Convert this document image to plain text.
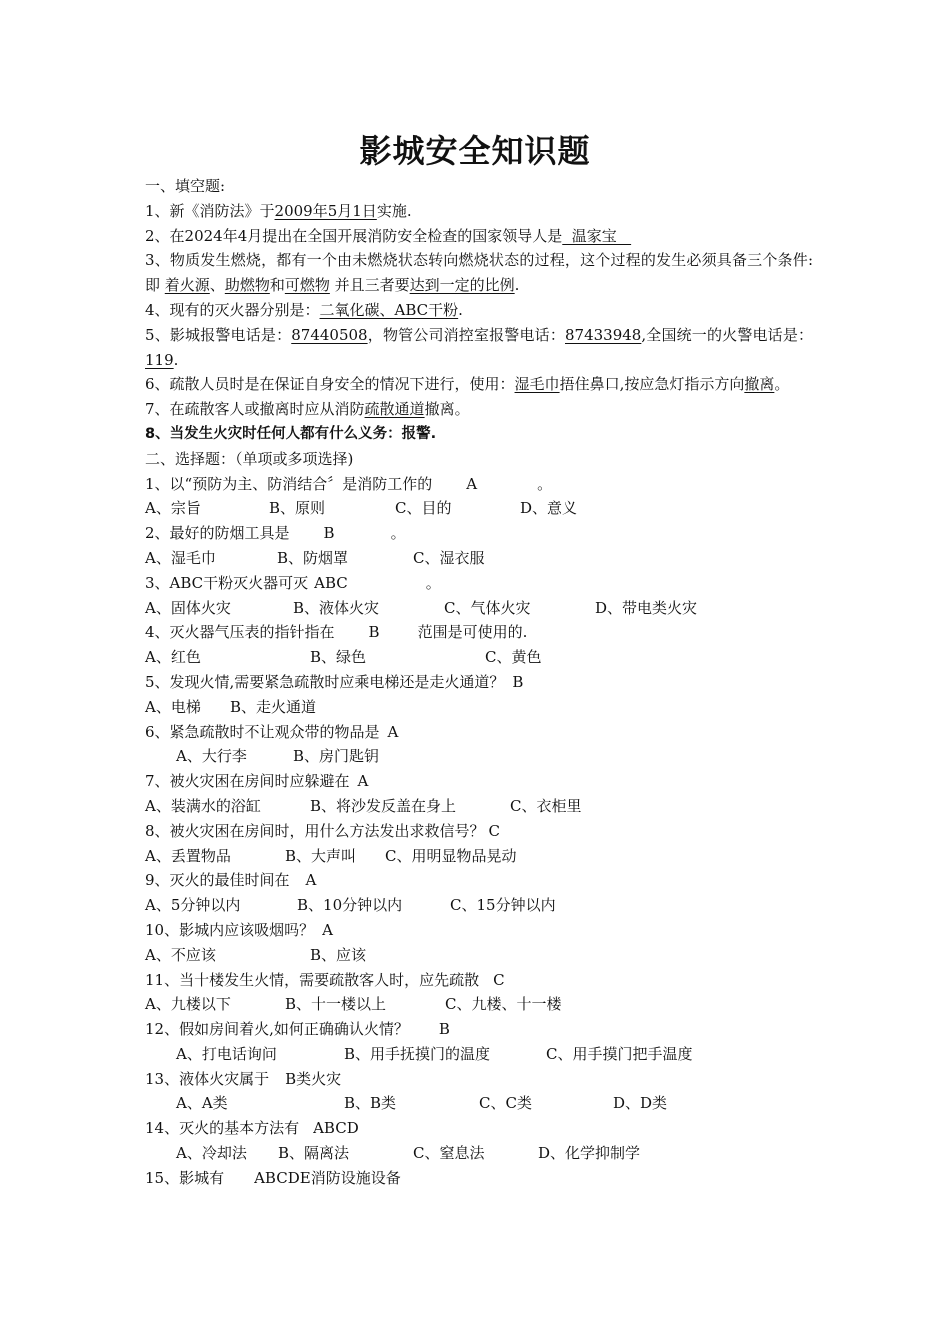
影城安全知识题
一、填空题:
1、新《消防法》于2009年5月1日实施.
2、在2024年4月提出在全国开展消防安全检查的国家领导人是  温家宝
3、物质发生燃烧，都有一个由未燃烧状态转向燃烧状态的过程，这个过程的发生必须具备三个条件:即 着火源、助燃物和可燃物 并且三者要达到一定的比例.
4、现有的灭火器分别是：二氧化碳、ABC干粉.
5、影城报警电话是：87440508，物管公司消控室报警电话：87433948,全国统一的火警电话是：119.
6、疏散人员时是在保证自身安全的情况下进行，使用：湿毛巾捂住鼻口,按应急灯指示方向撤离。
7、在疏散客人或撤离时应从消防疏散通道撤离。
8、当发生火灾时任何人都有什么义务：报警.
二、选择题：（单项或多项选择)
1、以“预防为主、防消结合〞是消防工作的 A	。
A、宗旨	B、原则	C、目的	D、意义
2、最好的防烟工具是 B	。
A、湿毛巾	B、防烟罩	C、湿衣服
3、ABC干粉灭火器可灭 ABC	。
A、固体火灾	B、液体火灾	C、气体火灾	D、带电类火灾
4、灭火器气压表的指针指在 B	范围是可使用的.
A、红色	B、绿色	C、黄色
5、发现火情,需要紧急疏散时应乘电梯还是走火通道？ B
A、电梯 B、走火通道
6、紧急疏散时不让观众带的物品是 A
A、大行李	B、房门匙钥
7、被火灾困在房间时应躲避在 A
A、装满水的浴缸	B、将沙发反盖在身上	C、衣柜里
8、被火灾困在房间时，用什么方法发出求救信号？ C
A、丢置物品	B、大声叫 C、用明显物品晃动
9、灭火的最佳时间在 A
A、5分钟以内	B、10分钟以内	C、15分钟以内
10、影城内应该吸烟吗？ A
A、不应该	B、应该
11、当十楼发生火情，需要疏散客人时，应先疏散 C
A、九楼以下	B、十一楼以上	C、九楼、十一楼
12、假如房间着火,如何正确确认火情？ B
A、打电话询问	B、用手抚摸门的温度	C、用手摸门把手温度
13、液体火灾属于 B类火灾
A、A类	B、B类	C、C类	D、D类
14、灭火的基本方法有 ABCD
A、冷却法 B、隔离法	C、窒息法	D、化学抑制学
15、影城有 ABCDE消防设施设备
